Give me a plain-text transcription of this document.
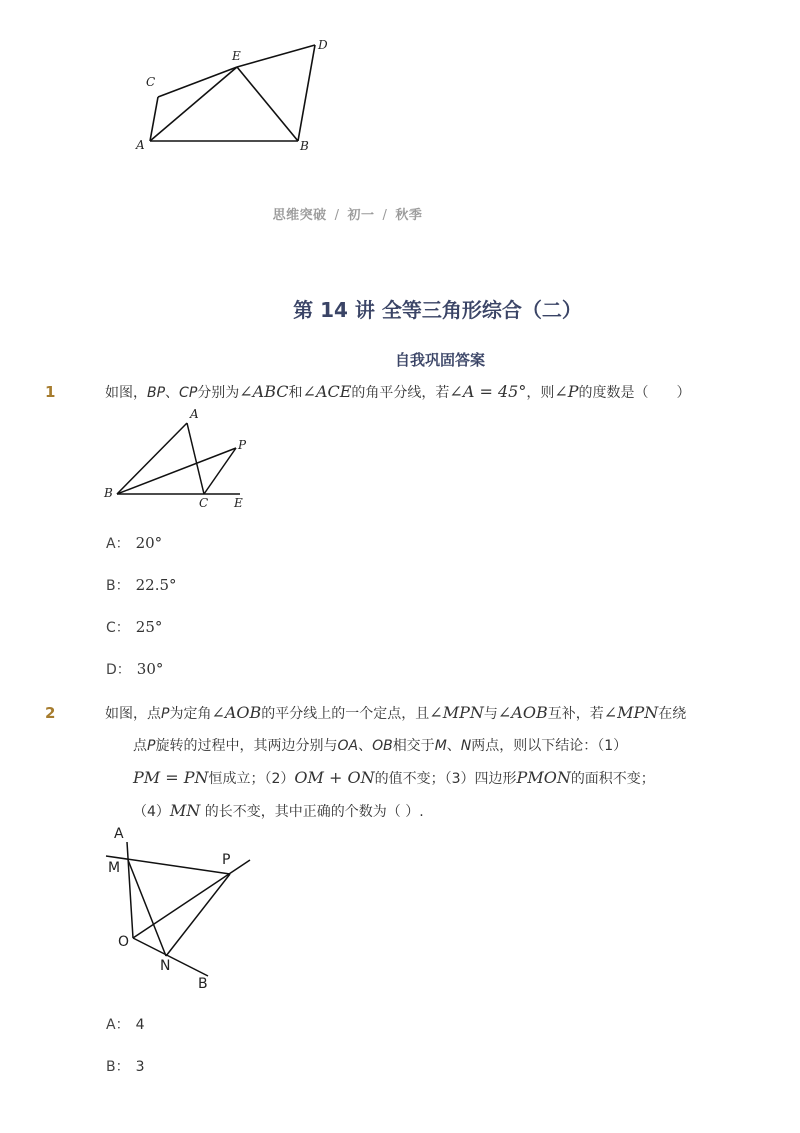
C
E
D
A	B
思维突破 / 初一 / 秋季
第 14 讲 全等三角形综合（二）
自我巩固答案
1	如图，BP、CP分别为∠ABC和∠ACE的角平分线，若∠A = 45°，则∠P的度数是（　　）
A
P
B
C E
A： 20°
B： 22.5°
C： 25°
D： 30°
2	如图，点P为定角∠AOB的平分线上的一个定点，且∠MPN与∠AOB互补，若∠MPN在绕
点P旋转的过程中，其两边分别与OA、OB相交于M、N两点，则以下结论：（1）
PM = PN恒成立；（2）OM + ON的值不变；（3）四边形PMON的面积不变；
（4）MN 的长不变，其中正确的个数为（ ）.
A
M	P
O
N
B
A： 4
B： 3
